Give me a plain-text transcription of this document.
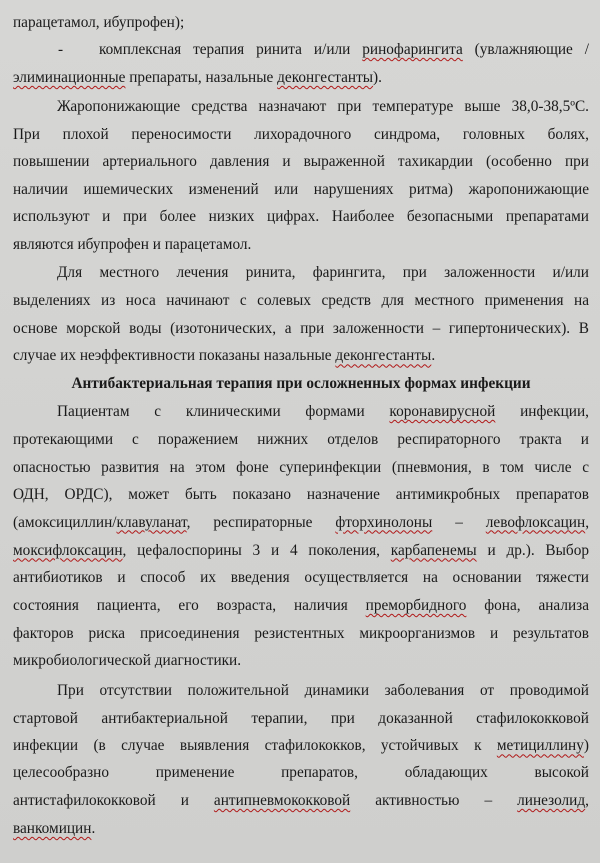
парацетамол, ибупрофен);
-	комплексная терапия ринита и/или ринофарингита (увлажняющие /
элиминационные препараты, назальные деконгестанты).
Жаропонижающие средства назначают при температуре выше 38,0-38,5ºС.
При плохой переносимости лихорадочного синдрома, головных болях,
повышении артериального давления и выраженной тахикардии (особенно при
наличии ишемических изменений или нарушениях ритма) жаропонижающие
используют и при более низких цифрах. Наиболее безопасными препаратами
являются ибупрофен и парацетамол.
Для местного лечения ринита, фарингита, при заложенности и/или
выделениях из носа начинают с солевых средств для местного применения на
основе морской воды (изотонических, а при заложенности – гипертонических). В
случае их неэффективности показаны назальные деконгестанты.
Антибактериальная терапия при осложненных формах инфекции
Пациентам с клиническими формами коронавирусной инфекции,
протекающими с поражением нижних отделов респираторного тракта и
опасностью развития на этом фоне суперинфекции (пневмония, в том числе с
ОДН, ОРДС), может быть показано назначение антимикробных препаратов
(амоксициллин/клавуланат, респираторные фторхинолоны – левофлоксацин,
моксифлоксацин, цефалоспорины 3 и 4 поколения, карбапенемы и др.). Выбор
антибиотиков и способ их введения осуществляется на основании тяжести
состояния пациента, его возраста, наличия преморбидного фона, анализа
факторов риска присоединения резистентных микроорганизмов и результатов
микробиологической диагностики.
При отсутствии положительной динамики заболевания от проводимой
стартовой антибактериальной терапии, при доказанной стафилококковой
инфекции (в случае выявления стафилококков, устойчивых к метициллину)
целесообразно применение препаратов, обладающих высокой
антистафилококковой и антипневмококковой активностью – линезолид,
ванкомицин.
